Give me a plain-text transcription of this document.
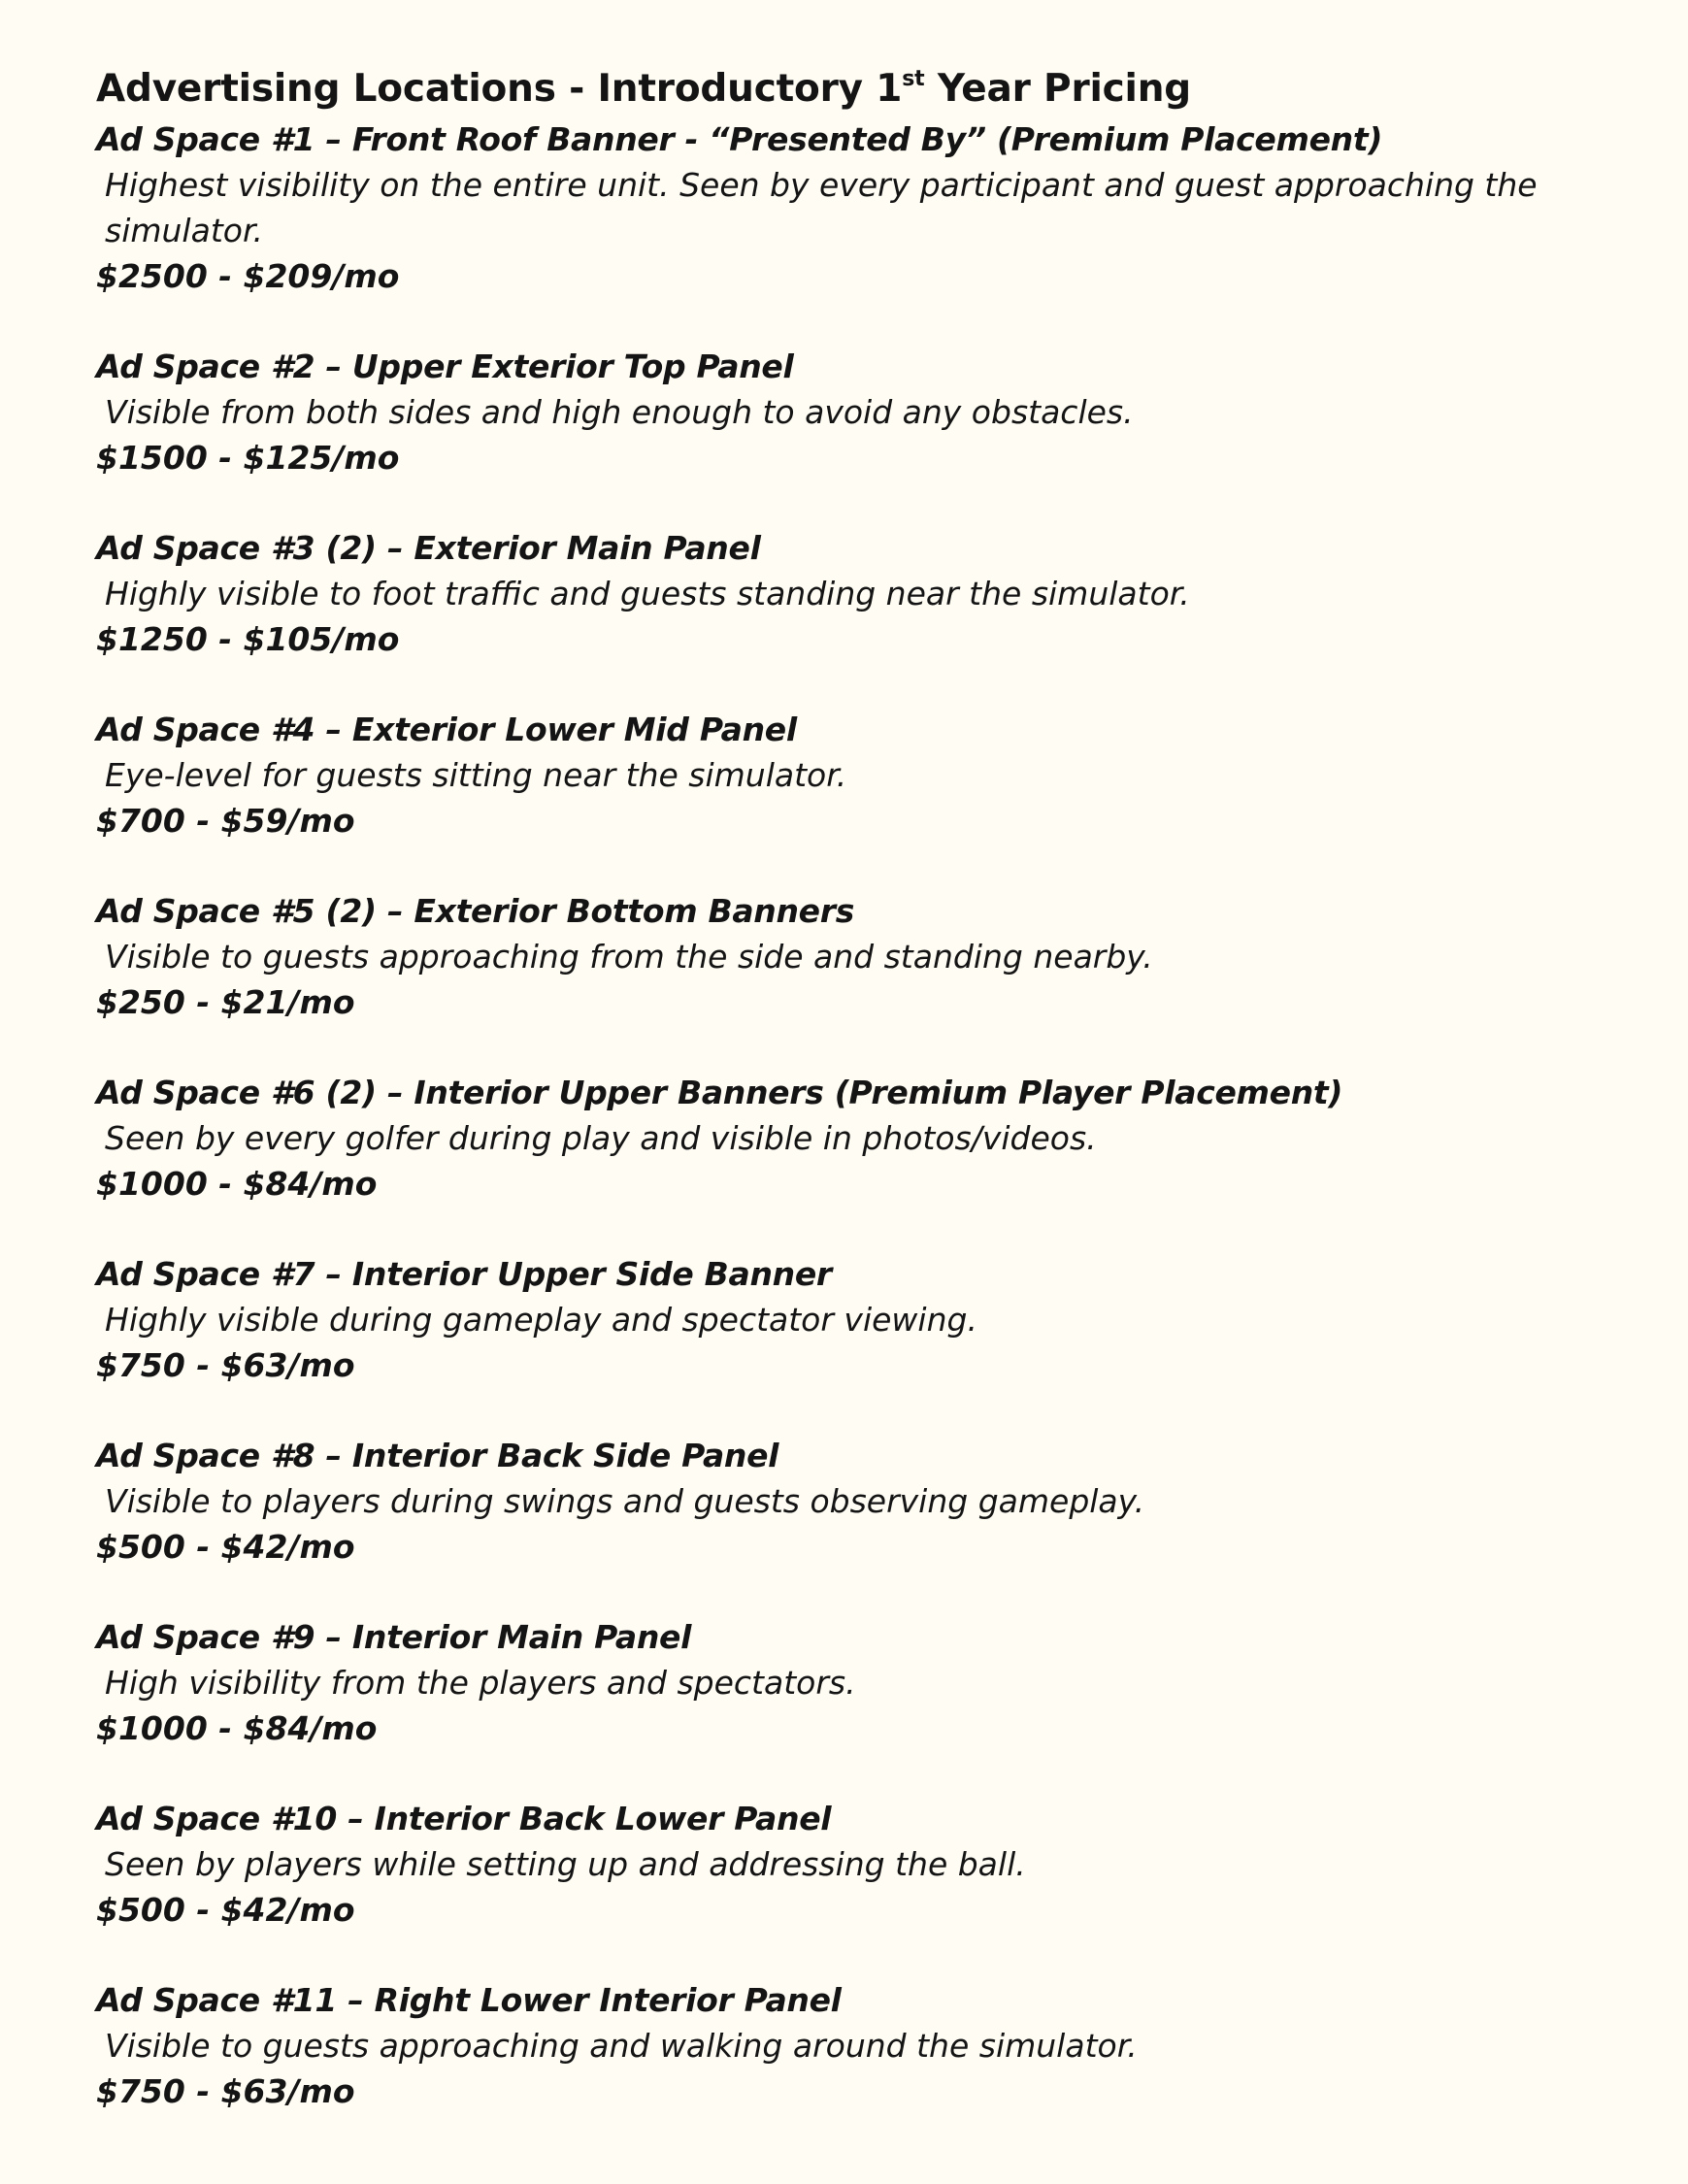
Advertising Locations - Introductory 1st Year Pricing

Ad Space #1 – Front Roof Banner - “Presented By” (Premium Placement)

Highest visibility on the entire unit. Seen by every participant and guest approaching the simulator.

$2500 - $209/mo

Ad Space #2 – Upper Exterior Top Panel

Visible from both sides and high enough to avoid any obstacles.

$1500 - $125/mo

Ad Space #3 (2) – Exterior Main Panel

Highly visible to foot traffic and guests standing near the simulator.

$1250 - $105/mo

Ad Space #4 – Exterior Lower Mid Panel

Eye-level for guests sitting near the simulator.

$700 - $59/mo

Ad Space #5 (2) – Exterior Bottom Banners

Visible to guests approaching from the side and standing nearby.

$250 - $21/mo

Ad Space #6 (2) – Interior Upper Banners (Premium Player Placement)

Seen by every golfer during play and visible in photos/videos.

$1000 - $84/mo

Ad Space #7 – Interior Upper Side Banner

Highly visible during gameplay and spectator viewing.

$750 - $63/mo

Ad Space #8 – Interior Back Side Panel

Visible to players during swings and guests observing gameplay.

$500 - $42/mo

Ad Space #9 – Interior Main Panel

High visibility from the players and spectators.

$1000 - $84/mo

Ad Space #10 – Interior Back Lower Panel

Seen by players while setting up and addressing the ball.

$500 - $42/mo

Ad Space #11 – Right Lower Interior Panel

Visible to guests approaching and walking around the simulator.

$750 - $63/mo
